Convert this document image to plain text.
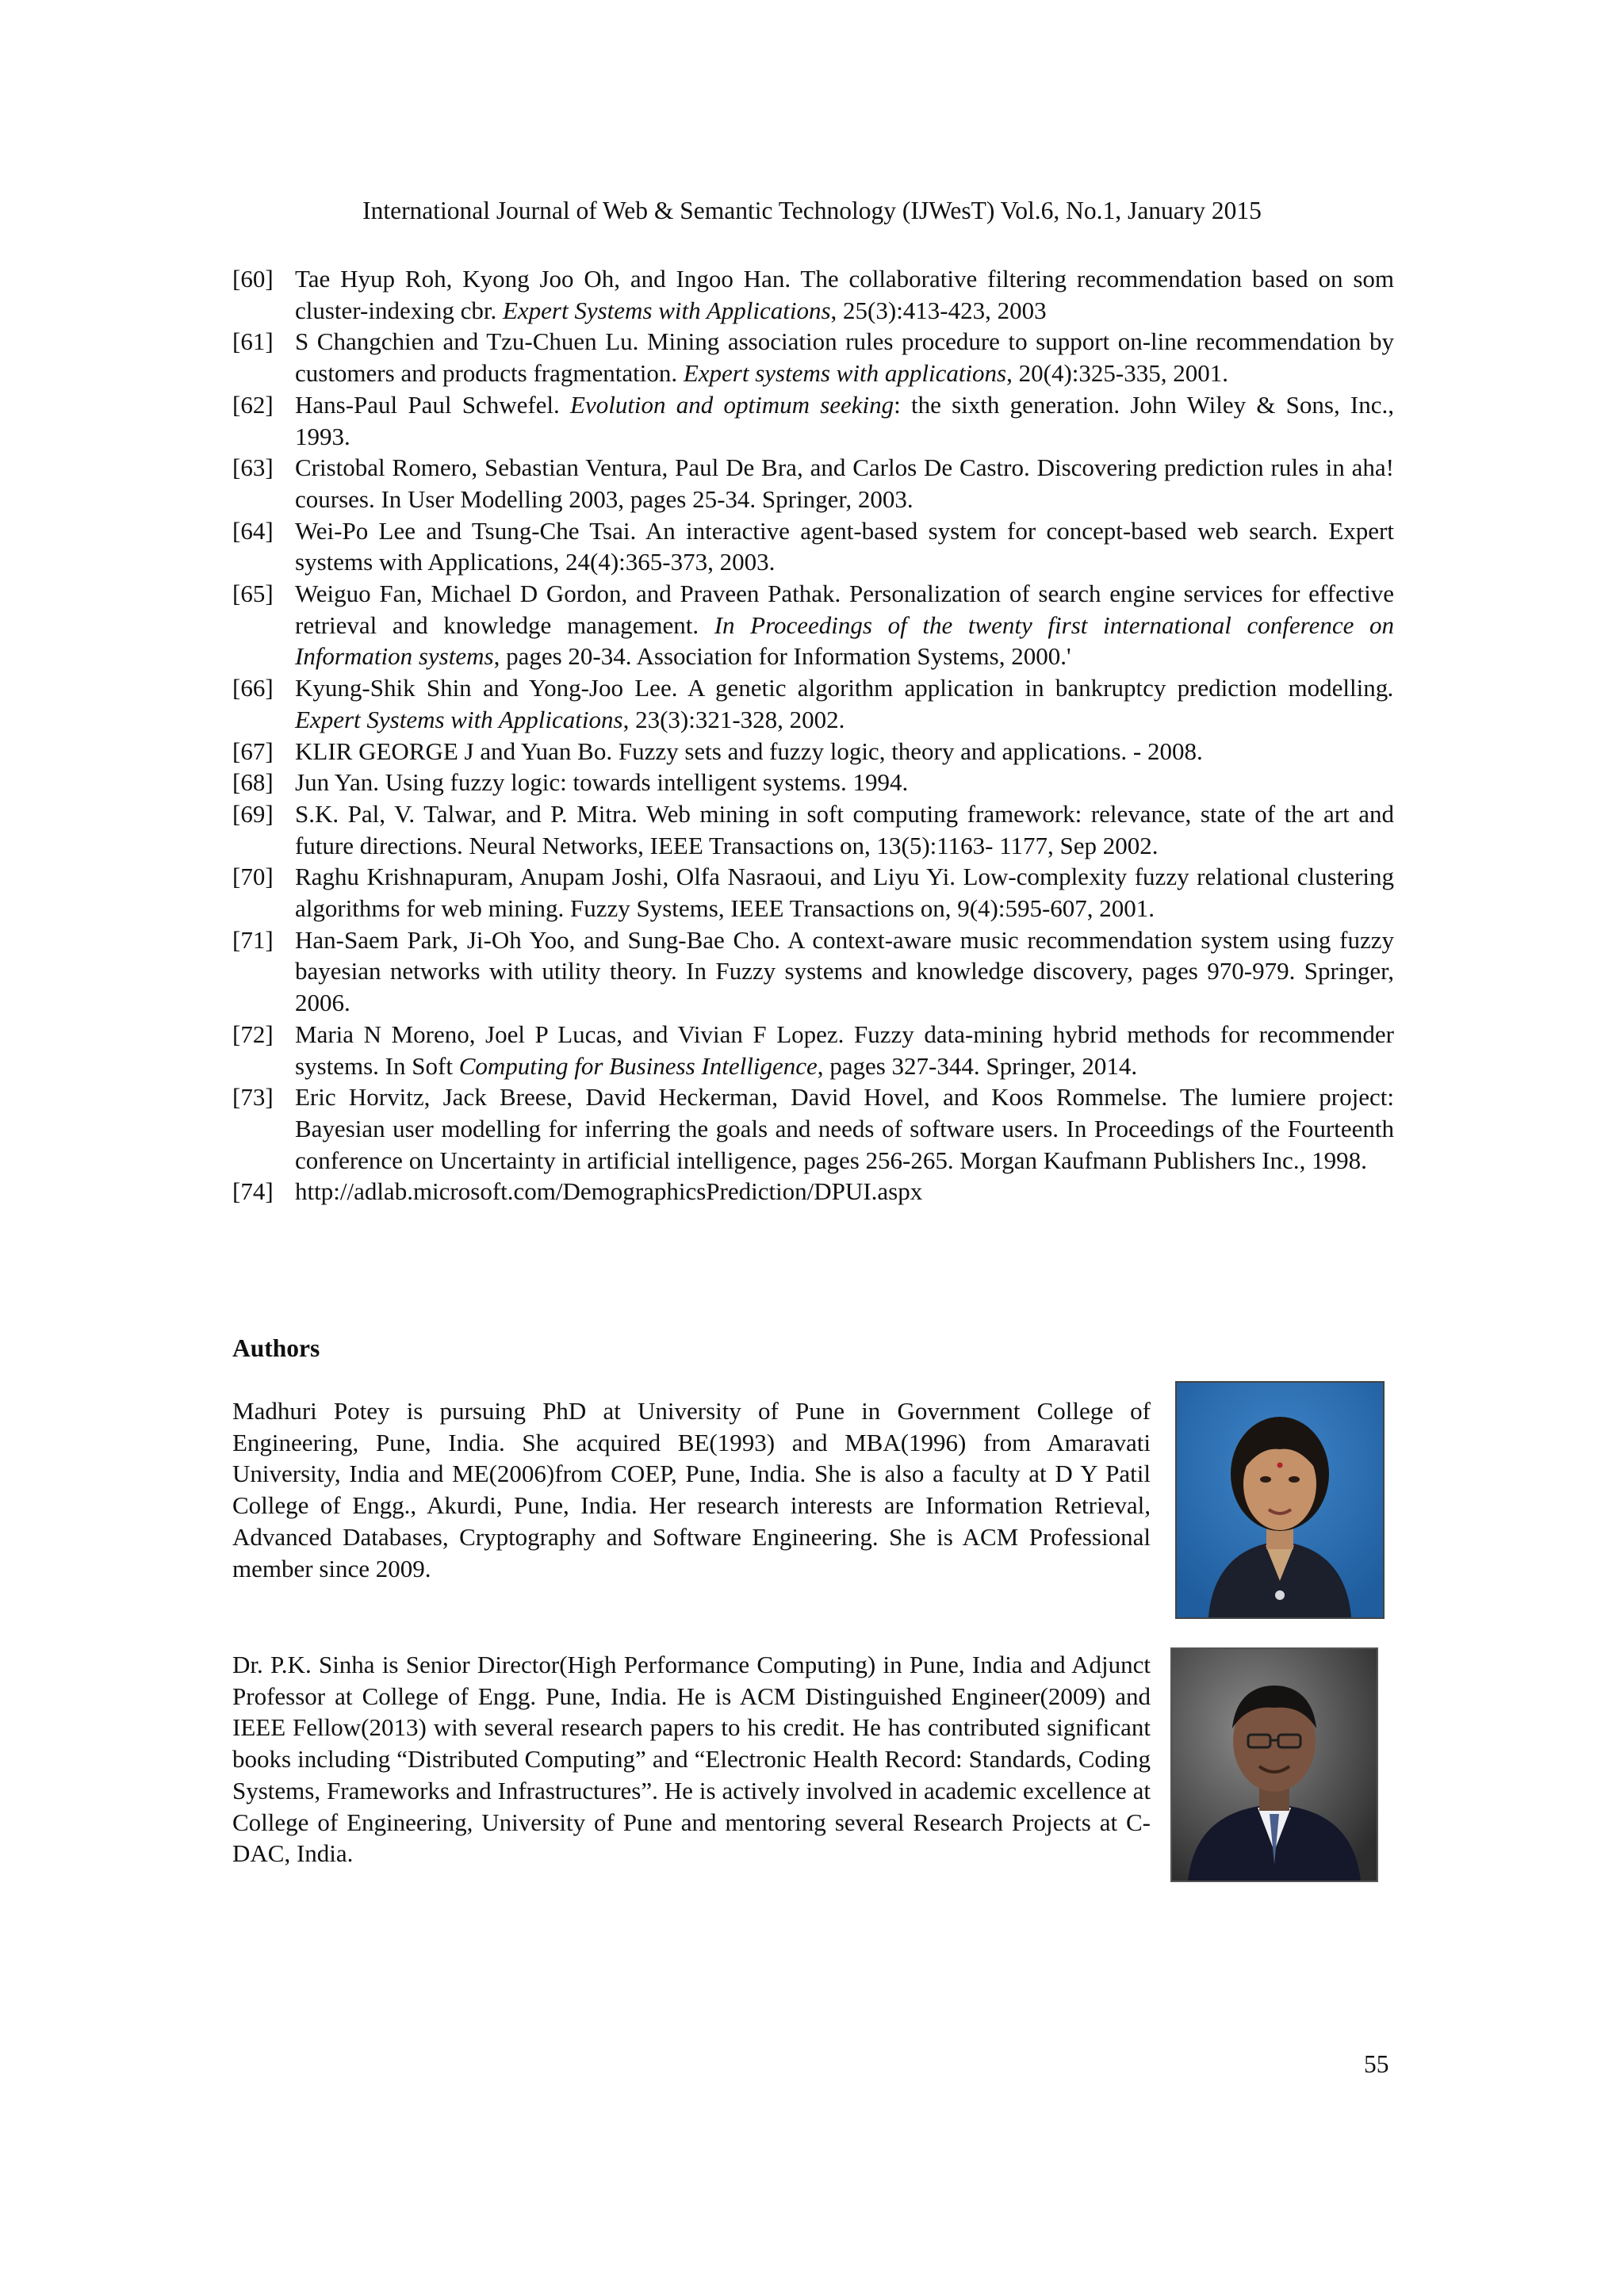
International Journal of Web & Semantic Technology (IJWesT) Vol.6, No.1, January 2015
[60] Tae Hyup Roh, Kyong Joo Oh, and Ingoo Han. The collaborative filtering recommendation based on som cluster-indexing cbr. Expert Systems with Applications, 25(3):413-423, 2003
[61] S Changchien and Tzu-Chuen Lu. Mining association rules procedure to support on-line recommendation by customers and products fragmentation. Expert systems with applications, 20(4):325-335, 2001.
[62] Hans-Paul Paul Schwefel. Evolution and optimum seeking: the sixth generation. John Wiley & Sons, Inc., 1993.
[63] Cristobal Romero, Sebastian Ventura, Paul De Bra, and Carlos De Castro. Discovering prediction rules in aha! courses. In User Modelling 2003, pages 25-34. Springer, 2003.
[64] Wei-Po Lee and Tsung-Che Tsai. An interactive agent-based system for concept-based web search. Expert systems with Applications, 24(4):365-373, 2003.
[65] Weiguo Fan, Michael D Gordon, and Praveen Pathak. Personalization of search engine services for effective retrieval and knowledge management. In Proceedings of the twenty first international conference on Information systems, pages 20-34. Association for Information Systems, 2000.'
[66] Kyung-Shik Shin and Yong-Joo Lee. A genetic algorithm application in bankruptcy prediction modelling. Expert Systems with Applications, 23(3):321-328, 2002.
[67] KLIR GEORGE J and Yuan Bo. Fuzzy sets and fuzzy logic, theory and applications. - 2008.
[68] Jun Yan. Using fuzzy logic: towards intelligent systems. 1994.
[69] S.K. Pal, V. Talwar, and P. Mitra. Web mining in soft computing framework: relevance, state of the art and future directions. Neural Networks, IEEE Transactions on, 13(5):1163- 1177, Sep 2002.
[70] Raghu Krishnapuram, Anupam Joshi, Olfa Nasraoui, and Liyu Yi. Low-complexity fuzzy relational clustering algorithms for web mining. Fuzzy Systems, IEEE Transactions on, 9(4):595-607, 2001.
[71] Han-Saem Park, Ji-Oh Yoo, and Sung-Bae Cho. A context-aware music recommendation system using fuzzy bayesian networks with utility theory. In Fuzzy systems and knowledge discovery, pages 970-979. Springer, 2006.
[72] Maria N Moreno, Joel P Lucas, and Vivian F Lopez. Fuzzy data-mining hybrid methods for recommender systems. In Soft Computing for Business Intelligence, pages 327-344. Springer, 2014.
[73] Eric Horvitz, Jack Breese, David Heckerman, David Hovel, and Koos Rommelse. The lumiere project: Bayesian user modelling for inferring the goals and needs of software users. In Proceedings of the Fourteenth conference on Uncertainty in artificial intelligence, pages 256-265. Morgan Kaufmann Publishers Inc., 1998.
[74] http://adlab.microsoft.com/DemographicsPrediction/DPUI.aspx
Authors

Madhuri Potey is pursuing PhD at University of Pune in Government College of Engineering, Pune, India. She acquired BE(1993) and MBA(1996) from Amaravati University, India and ME(2006)from COEP, Pune, India. She is also a faculty at D Y Patil College of Engg., Akurdi, Pune, India. Her research interests are Information Retrieval, Advanced Databases, Cryptography and Software Engineering. She is ACM Professional member since 2009.

Dr. P.K. Sinha is Senior Director(High Performance Computing) in Pune, India and Adjunct Professor at College of Engg. Pune, India. He is ACM Distinguished Engineer(2009) and IEEE Fellow(2013) with several research papers to his credit. He has contributed significant books including “Distributed Computing” and “Electronic Health Record: Standards, Coding Systems, Frameworks and Infrastructures”. He is actively involved in academic excellence at College of Engineering, University of Pune and mentoring several Research Projects at C-DAC, India.

55
